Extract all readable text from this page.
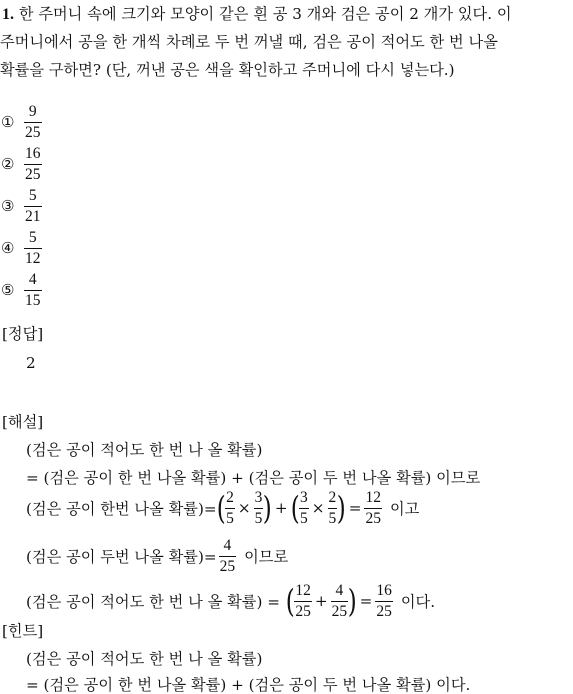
1. 한 주머니 속에 크기와 모양이 같은 흰 공 3 개와 검은 공이 2 개가 있다. 이
주머니에서 공을 한 개씩 차례로 두 번 꺼낼 때, 검은 공이 적어도 한 번 나올
확률을 구하면? (단, 꺼낸 공은 색을 확인하고 주머니에 다시 넣는다.)
① $\frac{9}{25}$
② $\frac{16}{25}$
③ $\frac{5}{21}$
④ $\frac{5}{12}$
⑤ $\frac{4}{15}$
[정답]
2
[해설]
(검은 공이 적어도 한 번 나 올 확률)
= (검은 공이 한 번 나올 확률) + (검은 공이 두 번 나올 확률) 이므로
(검은 공이 한번 나올 확률)= ( $\frac{2}{5} \times \frac{3}{5}$ ) + ( $\frac{3}{5} \times \frac{2}{5}$ ) = $\frac{12}{25}$ 이고
(검은 공이 두번 나올 확률)= $\frac{4}{25}$ 이므로
(검은 공이 적어도 한 번 나 올 확률) = ( $\frac{12}{25} + \frac{4}{25}$ ) = $\frac{16}{25}$ 이다.
[힌트]
(검은 공이 적어도 한 번 나 올 확률)
= (검은 공이 한 번 나올 확률) + (검은 공이 두 번 나올 확률) 이다.
